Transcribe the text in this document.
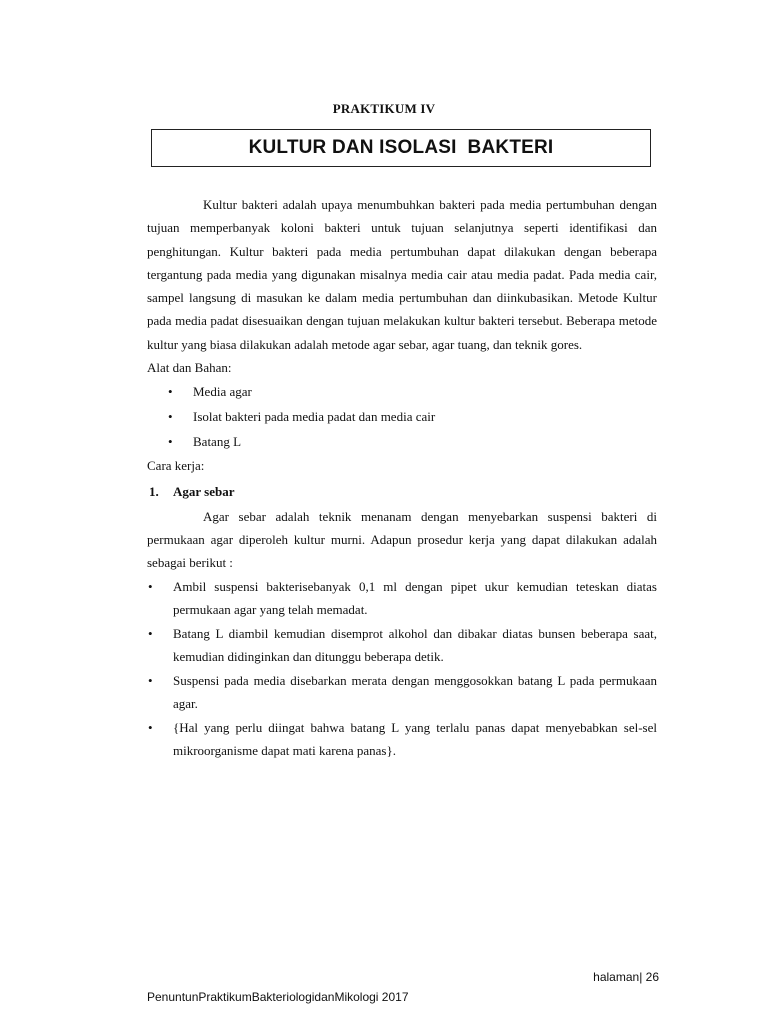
PRAKTIKUM IV
KULTUR DAN ISOLASI  BAKTERI

Kultur bakteri adalah upaya menumbuhkan bakteri pada media pertumbuhan dengan tujuan memperbanyak koloni bakteri untuk tujuan selanjutnya seperti identifikasi dan penghitungan. Kultur bakteri pada media pertumbuhan dapat dilakukan dengan beberapa tergantung pada media yang digunakan misalnya media cair atau media padat. Pada media cair, sampel langsung di masukan ke dalam media pertumbuhan dan diinkubasikan. Metode Kultur pada media padat disesuaikan dengan tujuan melakukan kultur bakteri tersebut. Beberapa metode kultur yang biasa dilakukan adalah metode agar sebar, agar tuang, dan teknik gores.

Alat dan Bahan:

• Media agar
• Isolat bakteri pada media padat dan media cair
• Batang L

Cara kerja:

1. Agar sebar

Agar sebar adalah teknik menanam dengan menyebarkan suspensi bakteri di permukaan agar diperoleh kultur murni. Adapun prosedur kerja yang dapat dilakukan adalah sebagai berikut :

• Ambil suspensi bakterisebanyak 0,1 ml dengan pipet ukur kemudian teteskan diatas permukaan agar yang telah memadat.
• Batang L diambil kemudian disemprot alkohol dan dibakar diatas bunsen beberapa saat, kemudian didinginkan dan ditunggu beberapa detik.
• Suspensi pada media disebarkan merata dengan menggosokkan batang L pada permukaan agar.
• {Hal yang perlu diingat bahwa batang L yang terlalu panas dapat menyebabkan sel-sel mikroorganisme dapat mati karena panas}.
halaman| 26
PenuntunPraktikumBakteriologidanMikologi 2017
